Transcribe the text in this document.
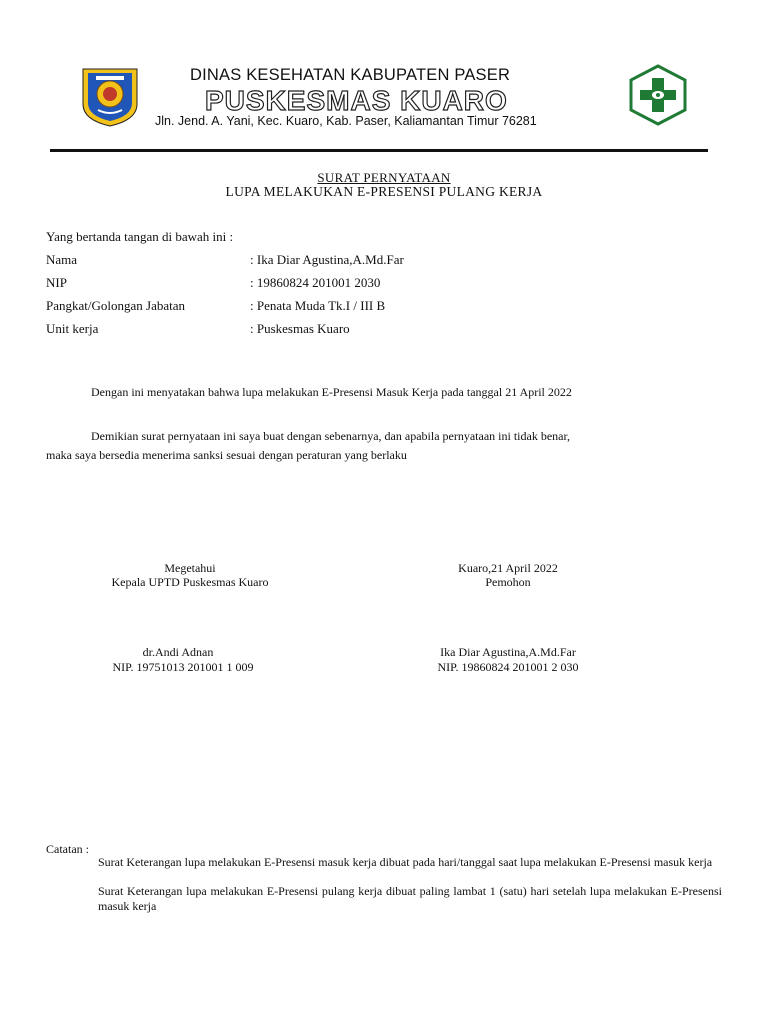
DINAS KESEHATAN KABUPATEN PASER
PUSKESMAS KUARO
Jln. Jend. A. Yani, Kec. Kuaro, Kab. Paser, Kaliamantan Timur 76281
SURAT PERNYATAAN
LUPA MELAKUKAN E-PRESENSI PULANG KERJA
Yang bertanda tangan di bawah ini :
Nama	: Ika Diar Agustina,A.Md.Far
NIP	: 19860824 201001 2030
Pangkat/Golongan Jabatan	: Penata Muda Tk.I / III B
Unit kerja	: Puskesmas Kuaro
Dengan ini menyatakan bahwa lupa melakukan E-Presensi Masuk Kerja pada tanggal 21 April 2022
Demikian surat pernyataan ini saya buat dengan sebenarnya, dan apabila pernyataan ini tidak benar,
maka saya bersedia menerima sanksi sesuai dengan peraturan yang berlaku
Megetahui
Kepala UPTD Puskesmas Kuaro
dr.Andi Adnan
NIP. 19751013 201001 1 009
Kuaro,21 April 2022
Pemohon
Ika Diar Agustina,A.Md.Far
NIP. 19860824 201001 2 030
Catatan :
Surat Keterangan lupa melakukan E-Presensi masuk kerja dibuat pada hari/tanggal saat lupa melakukan E-Presensi masuk kerja
Surat Keterangan lupa melakukan E-Presensi pulang kerja dibuat paling lambat 1 (satu) hari setelah lupa melakukan E-Presensi masuk kerja
